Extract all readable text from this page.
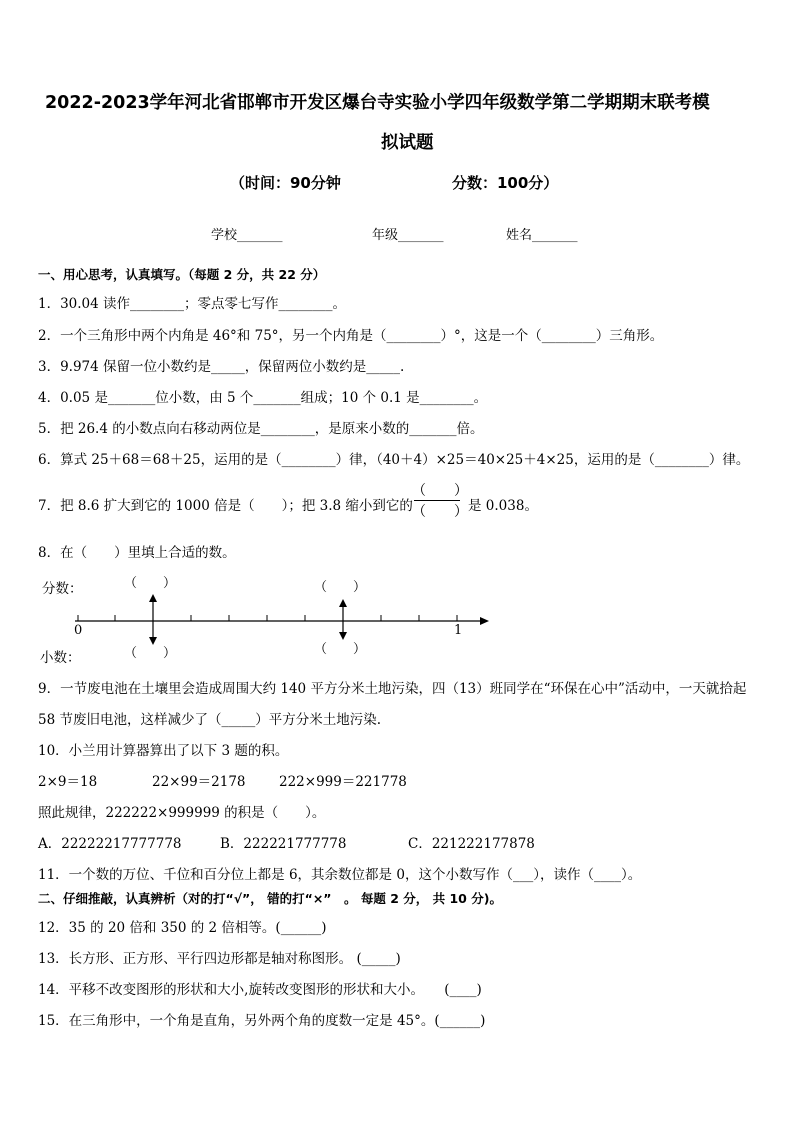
2022-2023学年河北省邯郸市开发区爆台寺实验小学四年级数学第二学期期末联考模
拟试题
（时间：90分钟	分数：100分）
学校_______	年级_______	姓名_______
一、用心思考，认真填写。（每题 2 分，共 22 分）
1．30.04 读作________；零点零七写作________。
2．一个三角形中两个内角是 46°和 75°，另一个内角是（________）°，这是一个（________）三角形。
3．9.974 保留一位小数约是_____，保留两位小数约是_____.
4．0.05 是_______位小数，由 5 个_______组成；10 个 0.1 是________。
5．把 26.4 的小数点向右移动两位是________，是原来小数的_______倍。
6．算式 25＋68＝68＋25，运用的是（________）律，（40＋4）×25＝40×25＋4×25，运用的是（________）律。
7．把 8.6 扩大到它的 1000 倍是（　　）；把 3.8 缩小到它的
（　　）
（　　） 是 0.038。
8．在（　　）里填上合适的数。
分数：
小数：
0	1
（　　）	（　　）
（　　）	（　　）
9．一节废电池在土壤里会造成周围大约 140 平方分米土地污染，四（13）班同学在“环保在心中”活动中，一天就拾起
58 节废旧电池，这样减少了（_____）平方分米土地污染.
10．小兰用计算器算出了以下 3 题的积。
2×9＝18	22×99＝2178 222×999＝221778
照此规律，222222×999999 的积是（　　）。
A．22222217777778	B．222221777778	C．221222177878
11．一个数的万位、千位和百分位上都是 6，其余数位都是 0，这个小数写作（___），读作（____）。
二、仔细推敲，认真辨析（对的打“√”， 错的打“×”　。 每题 2 分， 共 10 分)。
12．35 的 20 倍和 350 的 2 倍相等。(______)
13．长方形、正方形、平行四边形都是轴对称图形。 (_____)
14．平移不改变图形的形状和大小,旋转改变图形的形状和大小。　　(____)
15．在三角形中，一个角是直角，另外两个角的度数一定是 45°。(______)
